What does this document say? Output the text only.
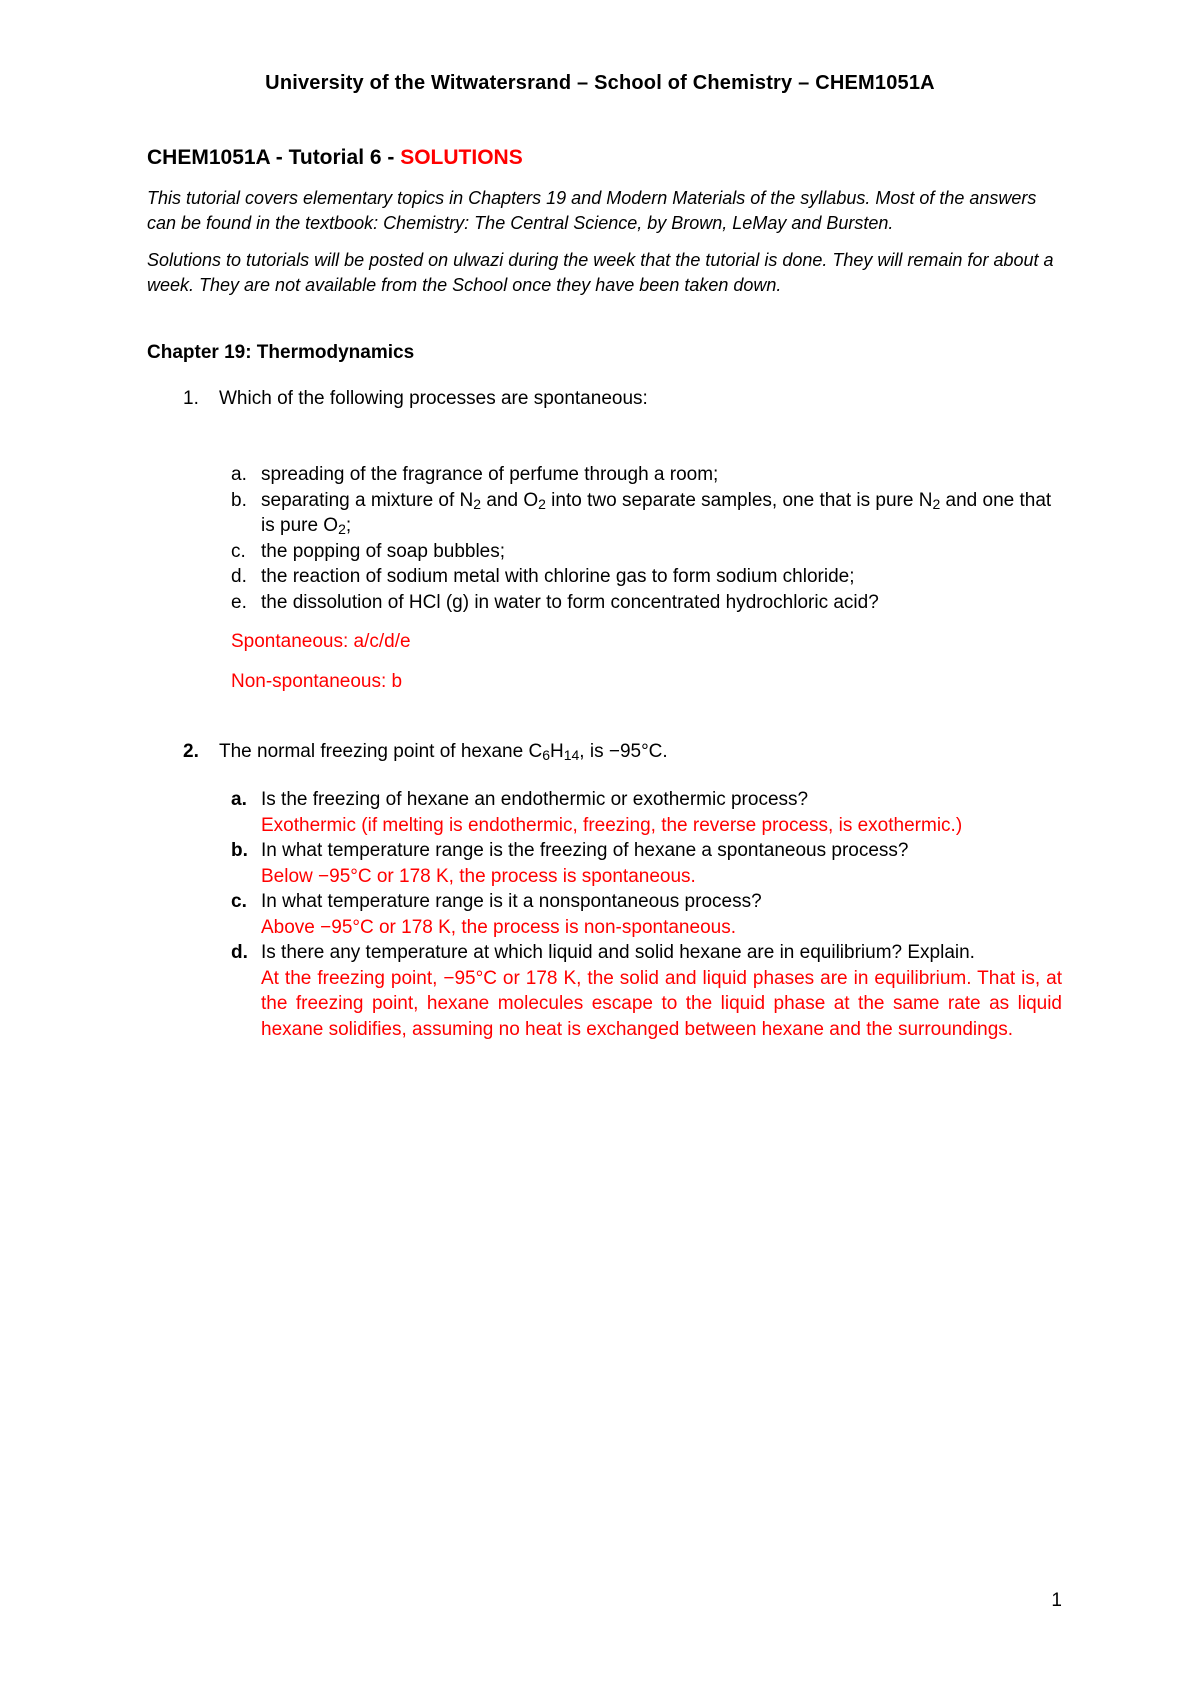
University of the Witwatersrand – School of Chemistry – CHEM1051A
CHEM1051A - Tutorial 6 - SOLUTIONS

This tutorial covers elementary topics in Chapters 19 and Modern Materials of the syllabus. Most of the answers can be found in the textbook: Chemistry: The Central Science, by Brown, LeMay and Bursten.

Solutions to tutorials will be posted on ulwazi during the week that the tutorial is done. They will remain for about a week. They are not available from the School once they have been taken down.

Chapter 19: Thermodynamics

1. Which of the following processes are spontaneous:

a. spreading of the fragrance of perfume through a room;
b. separating a mixture of $N_2$ and $O_2$ into two separate samples, one that is pure $N_2$ and one that is pure $O_2$;
c. the popping of soap bubbles;
d. the reaction of sodium metal with chlorine gas to form sodium chloride;
e. the dissolution of HCl (g) in water to form concentrated hydrochloric acid?

Spontaneous: a/c/d/e

Non-spontaneous: b

2. The normal freezing point of hexane $C_6H_{14}$, is −95°C.

a. Is the freezing of hexane an endothermic or exothermic process?
Exothermic (if melting is endothermic, freezing, the reverse process, is exothermic.)
b. In what temperature range is the freezing of hexane a spontaneous process?
Below −95°C or 178 K, the process is spontaneous.
c. In what temperature range is it a nonspontaneous process?
Above −95°C or 178 K, the process is non-spontaneous.
d. Is there any temperature at which liquid and solid hexane are in equilibrium? Explain.
At the freezing point, −95°C or 178 K, the solid and liquid phases are in equilibrium. That is, at the freezing point, hexane molecules escape to the liquid phase at the same rate as liquid hexane solidifies, assuming no heat is exchanged between hexane and the surroundings.
1
